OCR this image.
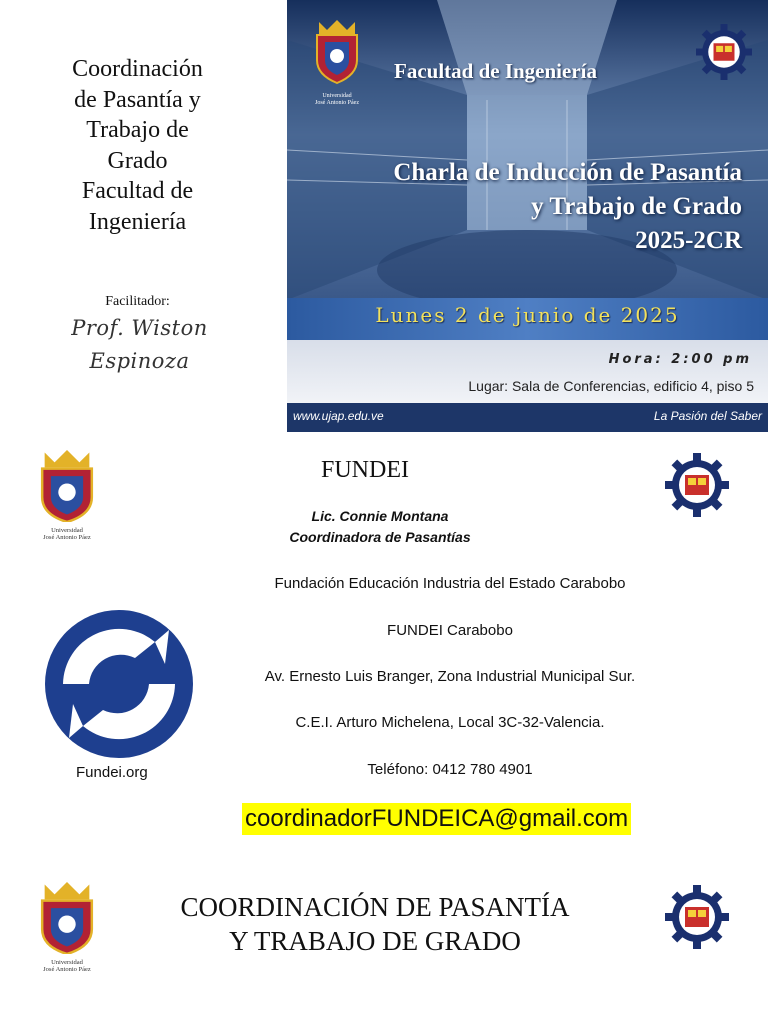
Coordinación
de Pasantía y
Trabajo de
Grado
Facultad de
Ingeniería
Facilitador:
Prof. Wiston
Espinoza
Universidad
José Antonio Páez
Facultad de Ingeniería
Charla de Inducción de Pasantía
y Trabajo de Grado
2025-2CR
Lunes 2 de junio de 2025
Hora: 2:00 pm
Lugar: Sala de Conferencias, edificio 4, piso 5
www.ujap.edu.ve	La Pasión del Saber
Universidad
José Antonio Páez
FUNDEI
Lic. Connie Montana
Coordinadora de Pasantías
Fundei.org
Fundación Educación Industria del Estado Carabobo
FUNDEI Carabobo
Av. Ernesto Luis Branger, Zona Industrial Municipal Sur.
C.E.I. Arturo Michelena, Local 3C-32-Valencia.
Teléfono: 0412 780 4901
coordinadorFUNDEICA@gmail.com
Universidad
José Antonio Páez
COORDINACIÓN DE PASANTÍA
Y TRABAJO DE GRADO
